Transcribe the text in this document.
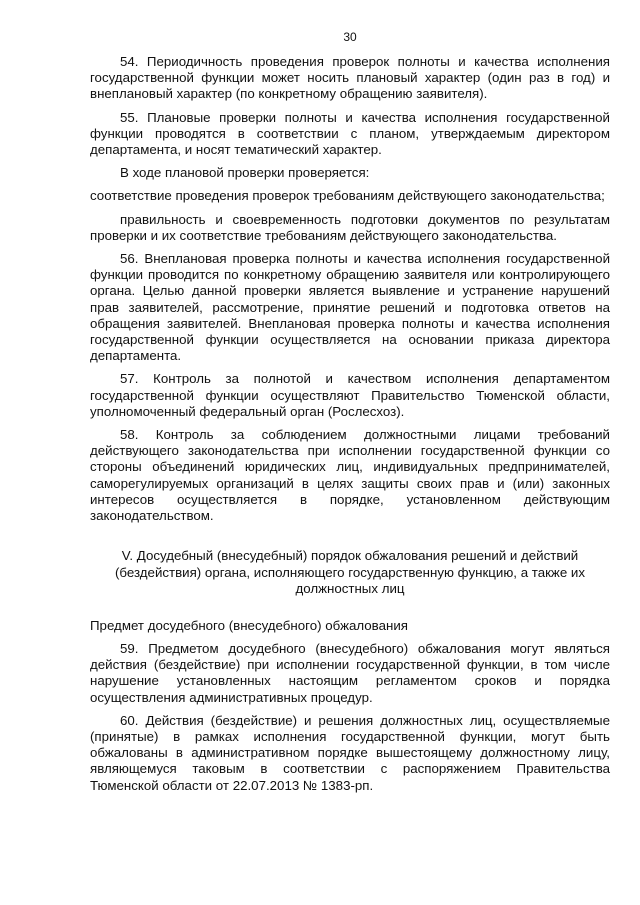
30

54. Периодичность проведения проверок полноты и качества исполнения государственной функции может носить плановый характер (один раз в год) и внеплановый характер (по конкретному обращению заявителя).

55. Плановые проверки полноты и качества исполнения государственной функции проводятся в соответствии с планом, утверждаемым директором департамента, и носят тематический характер.

В ходе плановой проверки проверяется:

соответствие проведения проверок требованиям действующего законодательства;

правильность и своевременность подготовки документов по результатам проверки и их соответствие требованиям действующего законодательства.

56. Внеплановая проверка полноты и качества исполнения государственной функции проводится по конкретному обращению заявителя или контролирующего органа. Целью данной проверки является выявление и устранение нарушений прав заявителей, рассмотрение, принятие решений и подготовка ответов на обращения заявителей. Внеплановая проверка полноты и качества исполнения государственной функции осуществляется на основании приказа директора департамента.

57. Контроль за полнотой и качеством исполнения департаментом государственной функции осуществляют Правительство Тюменской области, уполномоченный федеральный орган (Рослесхоз).

58. Контроль за соблюдением должностными лицами требований действующего законодательства при исполнении государственной функции со стороны объединений юридических лиц, индивидуальных предпринимателей, саморегулируемых организаций в целях защиты своих прав и (или) законных интересов осуществляется в порядке, установленном действующим законодательством.

V. Досудебный (внесудебный) порядок обжалования решений и действий (бездействия) органа, исполняющего государственную функцию, а также их должностных лиц
Предмет досудебного (внесудебного) обжалования

59. Предметом досудебного (внесудебного) обжалования могут являться действия (бездействие) при исполнении государственной функции, в том числе нарушение установленных настоящим регламентом сроков и порядка осуществления административных процедур.

60. Действия (бездействие) и решения должностных лиц, осуществляемые (принятые) в рамках исполнения государственной функции, могут быть обжалованы в административном порядке вышестоящему должностному лицу, являющемуся таковым в соответствии с распоряжением Правительства Тюменской области от 22.07.2013 № 1383-рп.
